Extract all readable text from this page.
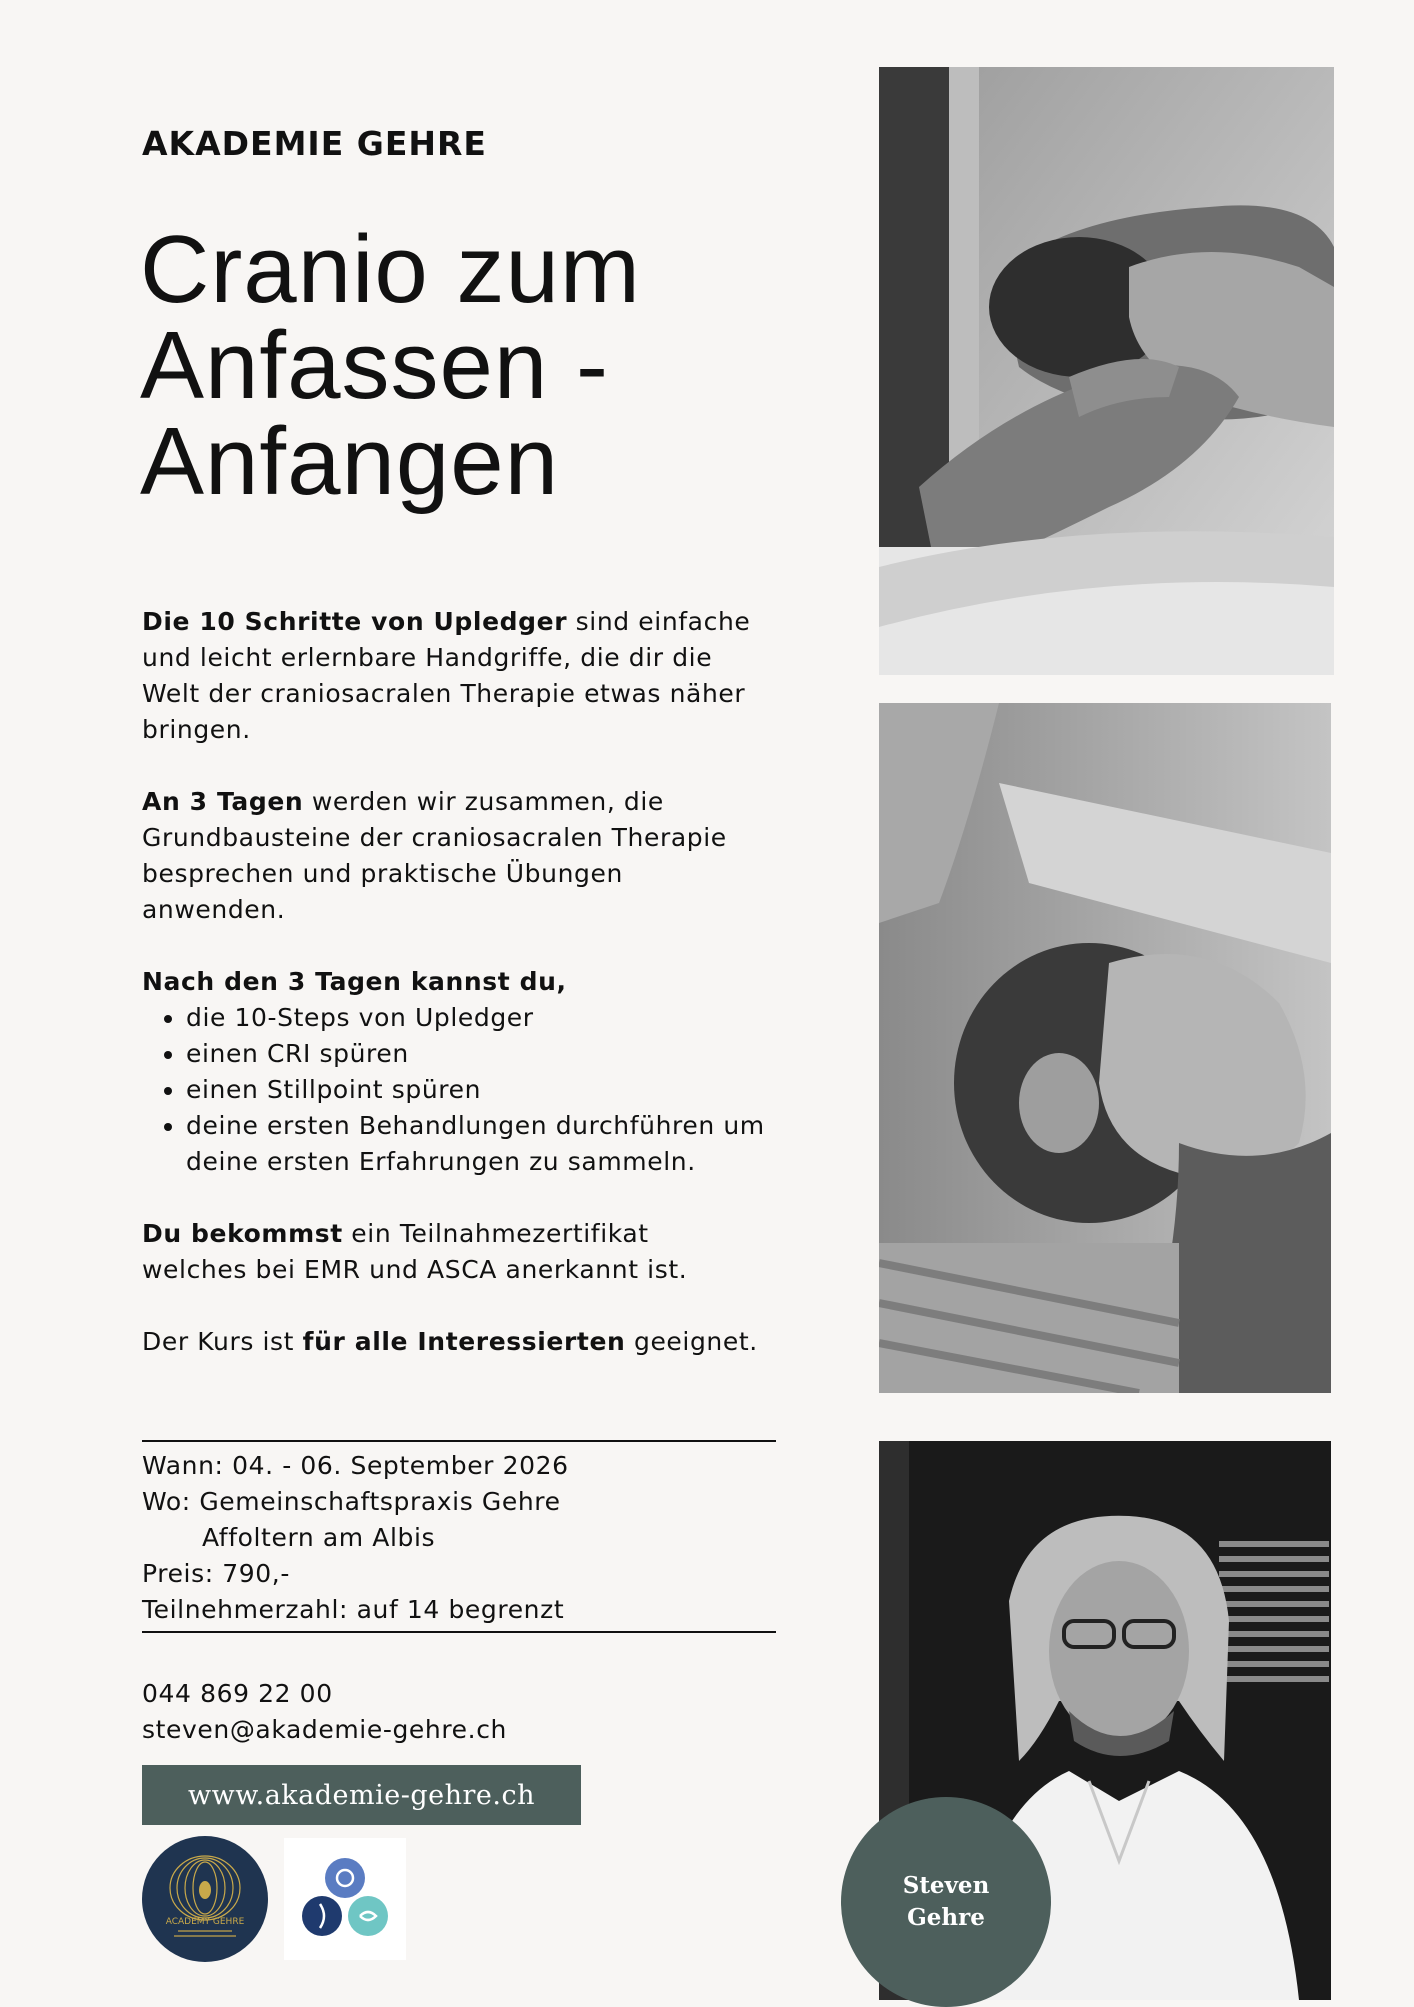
AKADEMIE GEHRE
Cranio zum
Anfassen -
Anfangen

Die 10 Schritte von Upledger sind einfache
und leicht erlernbare Handgriffe, die dir die
Welt der craniosacralen Therapie etwas näher
bringen.

An 3 Tagen werden wir zusammen, die
Grundbausteine der craniosacralen Therapie
besprechen und praktische Übungen
anwenden.

Nach den 3 Tagen kannst du,
• die 10-Steps von Upledger
• einen CRI spüren
• einen Stillpoint spüren
• deine ersten Behandlungen durchführen um deine ersten Erfahrungen zu sammeln.

Du bekommst ein Teilnahmezertifikat
welches bei EMR und ASCA anerkannt ist.

Der Kurs ist für alle Interessierten geeignet.

Wann: 04. - 06. September 2026
Wo: Gemeinschaftspraxis Gehre
Affoltern am Albis
Preis: 790,-
Teilnehmerzahl: auf 14 begrenzt
044 869 22 00
steven@akademie-gehre.ch
www.akademie-gehre.ch
ACADEMY GEHRE
Steven
Gehre
